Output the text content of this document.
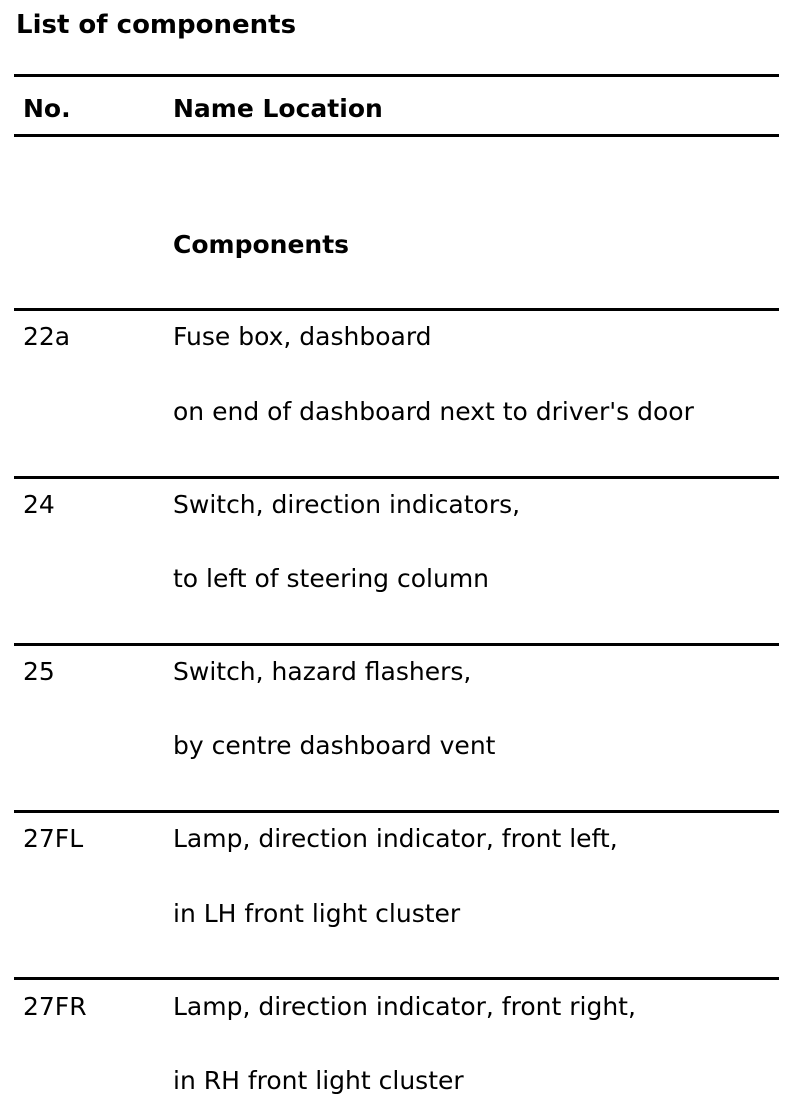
List of components
No.	Name Location
Components
22a	Fuse box, dashboard
on end of dashboard next to driver's door
24	Switch, direction indicators,
to left of steering column
25	Switch, hazard flashers,
by centre dashboard vent
27FL	Lamp, direction indicator, front left,
in LH front light cluster
27FR	Lamp, direction indicator, front right,
in RH front light cluster
